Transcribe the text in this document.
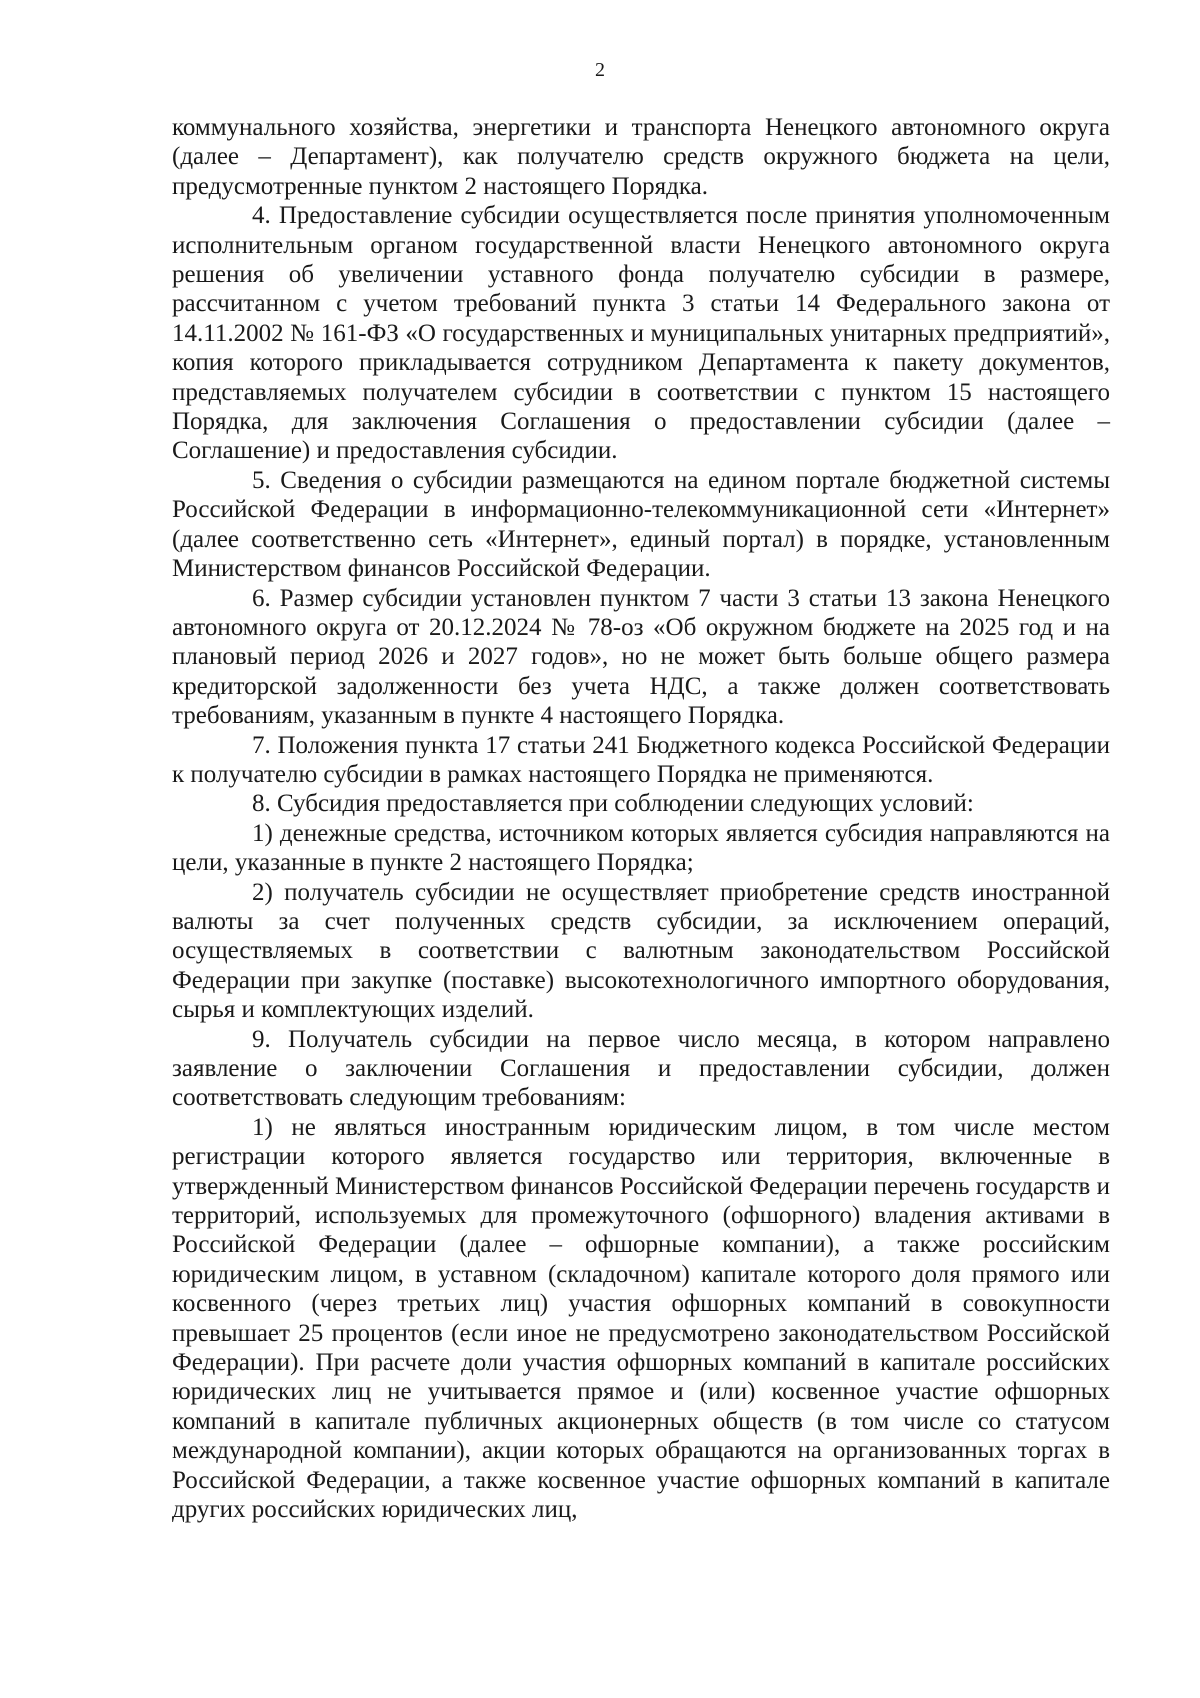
2

коммунального хозяйства, энергетики и транспорта Ненецкого автономного округа (далее – Департамент), как получателю средств окружного бюджета на цели, предусмотренные пунктом 2 настоящего Порядка.

4. Предоставление субсидии осуществляется после принятия уполномоченным исполнительным органом государственной власти Ненецкого автономного округа решения об увеличении уставного фонда получателю субсидии в размере, рассчитанном с учетом требований пункта 3 статьи 14 Федерального закона от 14.11.2002 № 161-ФЗ «О государственных и муниципальных унитарных предприятий», копия которого прикладывается сотрудником Департамента к пакету документов, представляемых получателем субсидии в соответствии с пунктом 15 настоящего Порядка, для заключения Соглашения о предоставлении субсидии (далее – Соглашение) и предоставления субсидии.

5. Сведения о субсидии размещаются на едином портале бюджетной системы Российской Федерации в информационно-телекоммуникационной сети «Интернет» (далее соответственно сеть «Интернет», единый портал) в порядке, установленным Министерством финансов Российской Федерации.

6. Размер субсидии установлен пунктом 7 части 3 статьи 13 закона Ненецкого автономного округа от 20.12.2024 № 78-оз «Об окружном бюджете на 2025 год и на плановый период 2026 и 2027 годов», но не может быть больше общего размера кредиторской задолженности без учета НДС, а также должен соответствовать требованиям, указанным в пункте 4 настоящего Порядка.

7. Положения пункта 17 статьи 241 Бюджетного кодекса Российской Федерации к получателю субсидии в рамках настоящего Порядка не применяются.

8. Субсидия предоставляется при соблюдении следующих условий:

1) денежные средства, источником которых является субсидия направляются на цели, указанные в пункте 2 настоящего Порядка;

2) получатель субсидии не осуществляет приобретение средств иностранной валюты за счет полученных средств субсидии, за исключением операций, осуществляемых в соответствии с валютным законодательством Российской Федерации при закупке (поставке) высокотехнологичного импортного оборудования, сырья и комплектующих изделий.

9. Получатель субсидии на первое число месяца, в котором направлено заявление о заключении Соглашения и предоставлении субсидии, должен соответствовать следующим требованиям:

1) не являться иностранным юридическим лицом, в том числе местом регистрации которого является государство или территория, включенные в утвержденный Министерством финансов Российской Федерации перечень государств и территорий, используемых для промежуточного (офшорного) владения активами в Российской Федерации (далее – офшорные компании), а также российским юридическим лицом, в уставном (складочном) капитале которого доля прямого или косвенного (через третьих лиц) участия офшорных компаний в совокупности превышает 25 процентов (если иное не предусмотрено законодательством Российской Федерации). При расчете доли участия офшорных компаний в капитале российских юридических лиц не учитывается прямое и (или) косвенное участие офшорных компаний в капитале публичных акционерных обществ (в том числе со статусом международной компании), акции которых обращаются на организованных торгах в Российской Федерации, а также косвенное участие офшорных компаний в капитале других российских юридических лиц,
